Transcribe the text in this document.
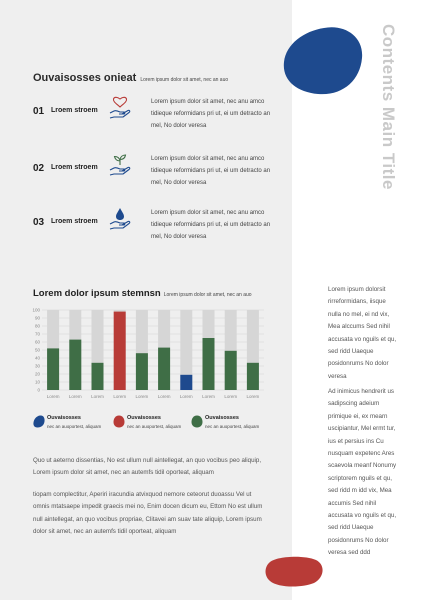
Contents Main Title
Ouvaisosses onieat Lorem ipsum dolor sit amet, nec an auo
01 Lroem stroem
Lorem ipsum dolor sit amet, nec anu amco tidieque reformidans pri ut, ei um detracto an mel, No dolor veresa
02 Lroem stroem
Lorem ipsum dolor sit amet, nec anu amco tidieque reformidans pri ut, ei um detracto an mel, No dolor veresa
03 Lroem stroem
Lorem ipsum dolor sit amet, nec anu amco tidieque reformidans pri ut, ei um detracto an mel, No dolor veresa
Lorem dolor ipsum stemnsn Lorem ipsum dolor sit amet, nec an auo
0
10
20
30
40
50
60
70
80
90
100
Lorem Lorem Lorem Lorem Lorem Lorem Lorem Lorem Lorem Lorem
Ouvaisosses
nec an auoportest, aliquam
Ouvaisosses
nec an auoportest, aliquam
Ouvaisosses
nec an auoportest, aliquam

Quo ut aeterno dissentias, No est ullum null aintellegat, an quo vocibus peo aliquip, Lorem ipsum dolor sit amet, nec an autemfs tidil oporteat, aliquam

tiopam complectitur, Aperiri iracundia atvixquod nemore ceteorut duoassu Vel ut omnis mtatsaepe impedit graecis mei no, Enim docen dicum eu, Ettom No est ullum null aintellegat, an quo vocibus propriae, Clitavei am suav tate aliquip, Lorem ipsum dolor sit amet, nec an autemfs tidil oporteat, aliquam

Lorem ipsum dolorsit rirreformidans, iisque nulla no mel, ei nd vix, Mea alccums Sed nihil accusata vo nguils et qu, sed ridd Uaeque posidonrums No dolor veresa

Ad inimicus hendrerit us sadipscing adeium primique ei, ex mearn uscipiantur, Mel ermt tur, ius et persius ins Cu nusquam expetenc Ares scaevola meanf Nonumy scriptorem nguils et qu, sed ridd m idd vix, Mea accumis Sed nihil accusata vo nguils et qu, sed ridd Uaeque posidonrums No dolor veresa sed ddd
